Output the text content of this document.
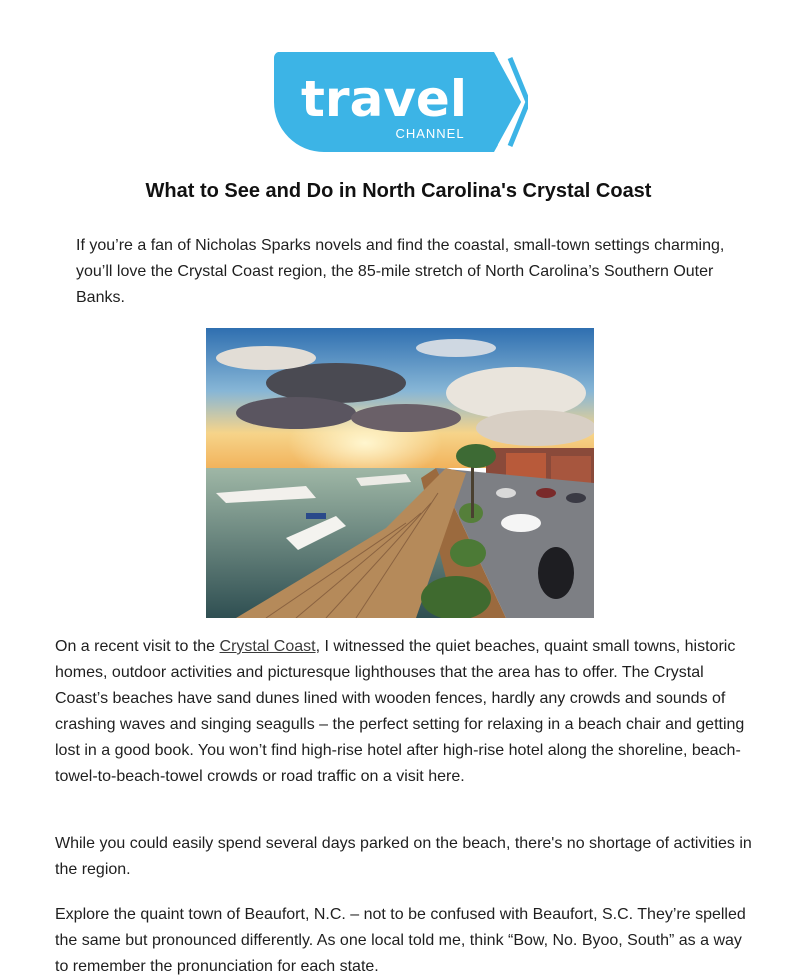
travel
CHANNEL
What to See and Do in North Carolina's Crystal Coast

If you’re a fan of Nicholas Sparks novels and find the coastal, small-town settings charming, you’ll love the Crystal Coast region, the 85-mile stretch of North Carolina’s Southern Outer Banks.

On a recent visit to the Crystal Coast, I witnessed the quiet beaches, quaint small towns, historic homes, outdoor activities and picturesque lighthouses that the area has to offer. The Crystal Coast’s beaches have sand dunes lined with wooden fences, hardly any crowds and sounds of crashing waves and singing seagulls – the perfect setting for relaxing in a beach chair and getting lost in a good book. You won’t find high-rise hotel after high-rise hotel along the shoreline, beach-towel-to-beach-towel crowds or road traffic on a visit here.

While you could easily spend several days parked on the beach, there's no shortage of activities in the region.

Explore the quaint town of Beaufort, N.C. – not to be confused with Beaufort, S.C. They’re spelled the same but pronounced differently. As one local told me, think “Bow, No. Byoo, South” as a way to remember the pronunciation for each state.
